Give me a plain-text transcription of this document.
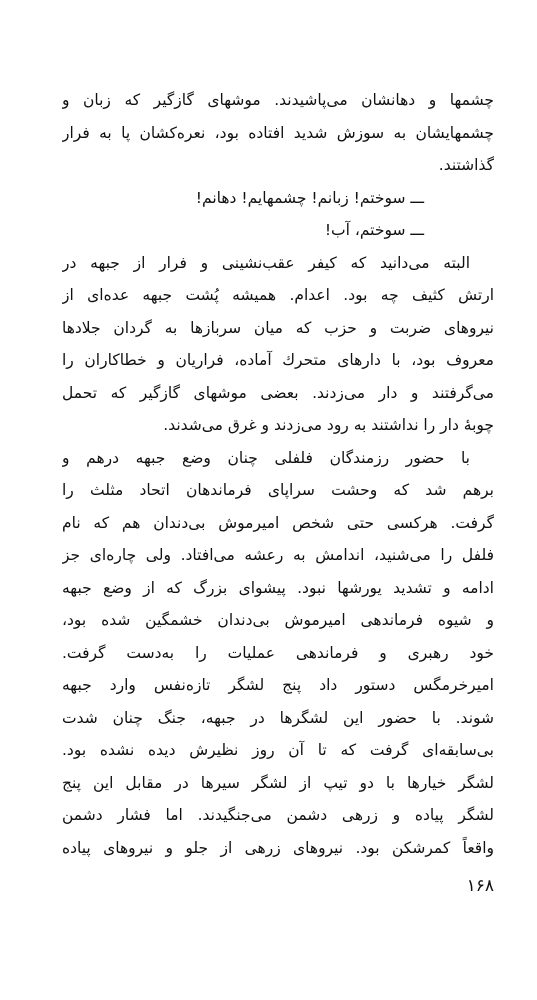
چشمها و دهانشان می‌پاشیدند. موشهای گازگیر که زبان و
چشمهایشان به سوزش شدید افتاده بود، نعره‌کشان پا به فرار
گذاشتند.
ـــ سوختم! زبانم! چشمهایم! دهانم!
ـــ سوختم، آب!
البته می‌دانید که کیفر عقب‌نشینی و فرار از جبهه در
ارتش کثیف چه بود. اعدام. همیشه پُشت جبهه عده‌ای از
نیروهای ضربت و حزب که میان سربازها به گردان جلادها
معروف بود، با دارهای متحرك آماده، فراریان و خطاکاران را
می‌گرفتند و دار می‌زدند. بعضی موشهای گازگیر که تحمل
چوبهٔ دار را نداشتند به رود می‌زدند و غرق می‌شدند.
با حضور رزمندگان فلفلی چنان وضع جبهه درهم و
برهم شد که وحشت سراپای فرماندهان اتحاد مثلث را
گرفت. هرکسی حتی شخص امیرموش بی‌دندان هم که نام
فلفل را می‌شنید، اندامش به رعشه می‌افتاد. ولی چاره‌ای جز
ادامه و تشدید یورشها نبود. پیشوای بزرگ که از وضع جبهه
و شیوه فرماندهی امیرموش بی‌دندان خشمگین شده بود،
خود رهبری و فرماندهی عملیات را به‌دست گرفت.
امیرخرمگس دستور داد پنج لشگر تازه‌نفس وارد جبهه
شوند. با حضور این لشگرها در جبهه، جنگ چنان شدت
بی‌سابقه‌ای گرفت که تا آن روز نظیرش دیده نشده بود.
لشگر خیارها با دو تیپ از لشگر سیرها در مقابل این پنج
لشگر پیاده و زرهی دشمن می‌جنگیدند. اما فشار دشمن
واقعاً کمرشکن بود. نیروهای زرهی از جلو و نیروهای پیاده
۱۶۸
